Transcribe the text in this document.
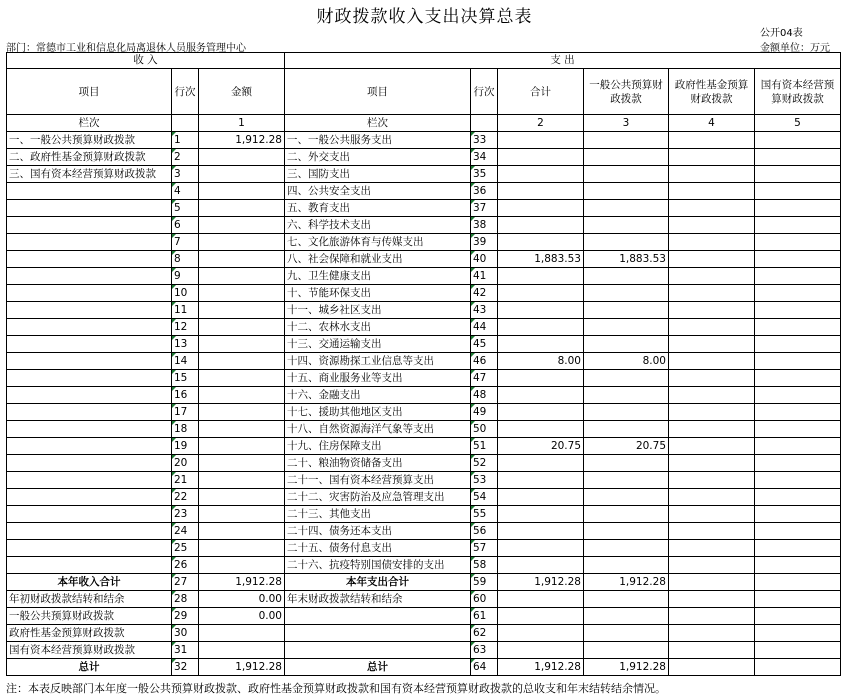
财政拨款收入支出决算总表
公开04表
部门：常德市工业和信息化局离退休人员服务管理中心	金额单位：万元
收 入			支 出					
项目	行次	金额	项目	行次	合计	一般公共预算财政拨款	政府性基金预算财政拨款	国有资本经营预算财政拨款
栏次		1	栏次		2	3	4	5
一、一般公共预算财政拨款	1	1,912.28	一、一般公共服务支出	33				
二、政府性基金预算财政拨款	2		二、外交支出	34				
三、国有资本经营预算财政拨款	3		三、国防支出	35				
	4		四、公共安全支出	36				
	5		五、教育支出	37				
	6		六、科学技术支出	38				
	7		七、文化旅游体育与传媒支出	39				
	8		八、社会保障和就业支出	40	1,883.53	1,883.53		
	9		九、卫生健康支出	41				
	10		十、节能环保支出	42				
	11		十一、城乡社区支出	43				
	12		十二、农林水支出	44				
	13		十三、交通运输支出	45				
	14		十四、资源勘探工业信息等支出	46	8.00	8.00		
	15		十五、商业服务业等支出	47				
	16		十六、金融支出	48				
	17		十七、援助其他地区支出	49				
	18		十八、自然资源海洋气象等支出	50				
	19		十九、住房保障支出	51	20.75	20.75		
	20		二十、粮油物资储备支出	52				
	21		二十一、国有资本经营预算支出	53				
	22		二十二、灾害防治及应急管理支出	54				
	23		二十三、其他支出	55				
	24		二十四、债务还本支出	56				
	25		二十五、债务付息支出	57				
	26		二十六、抗疫特别国债安排的支出	58				
本年收入合计	27	1,912.28	本年支出合计	59	1,912.28	1,912.28		
年初财政拨款结转和结余	28	0.00	年末财政拨款结转和结余	60				
一般公共预算财政拨款	29	0.00		61				
政府性基金预算财政拨款	30			62				
国有资本经营预算财政拨款	31			63				
总计	32	1,912.28	总计	64	1,912.28	1,912.28		
注：本表反映部门本年度一般公共预算财政拨款、政府性基金预算财政拨款和国有资本经营预算财政拨款的总收支和年末结转结余情况。
